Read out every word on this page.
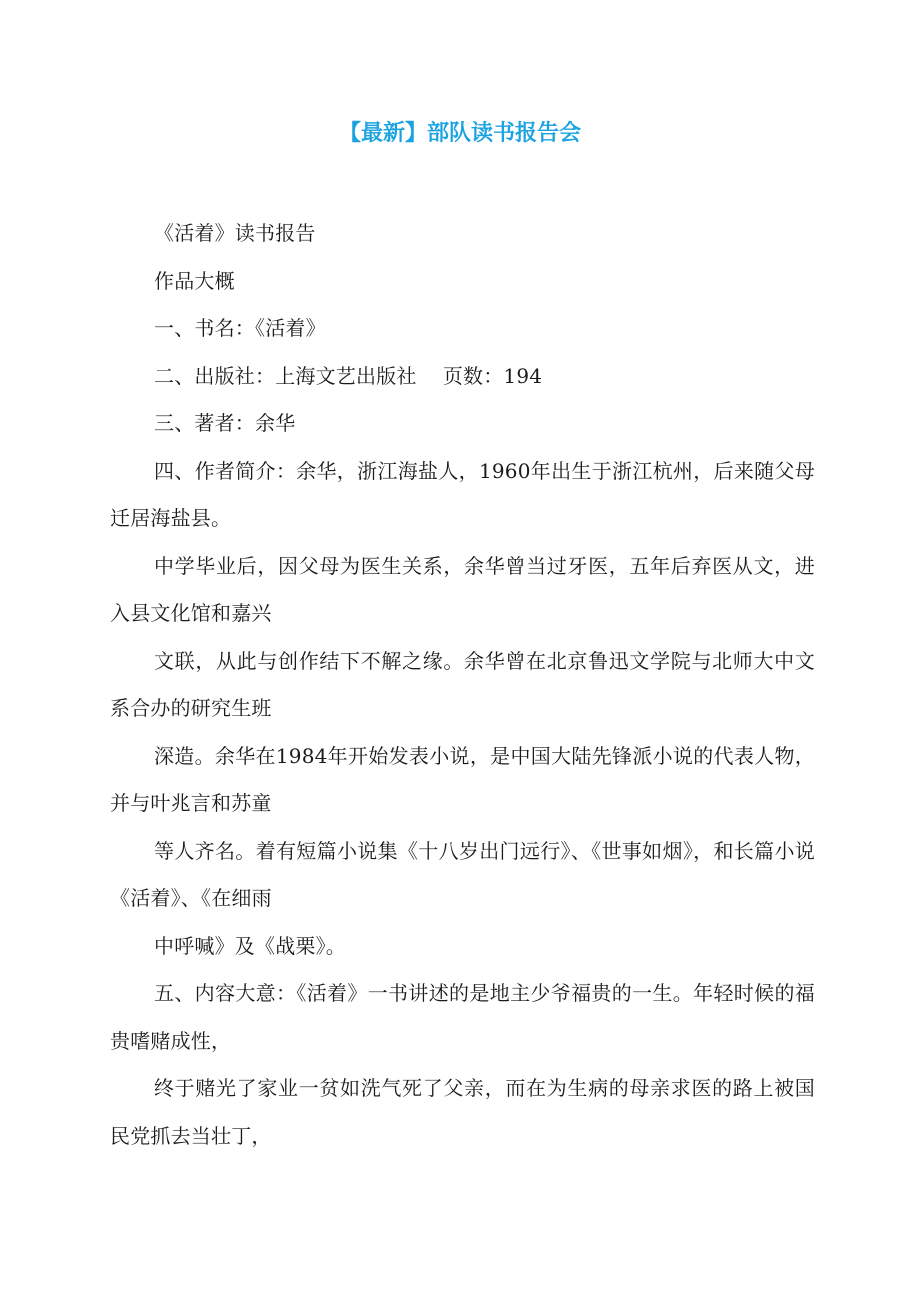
【最新】部队读书报告会

《活着》读书报告

作品大概

一、书名：《活着》

二、出版社：上海文艺出版社    页数：194

三、著者：余华

四、作者简介：余华，浙江海盐人，1960年出生于浙江杭州，后来随父母迁居海盐县。

中学毕业后，因父母为医生关系，余华曾当过牙医，五年后弃医从文，进入县文化馆和嘉兴

文联，从此与创作结下不解之缘。余华曾在北京鲁迅文学院与北师大中文系合办的研究生班

深造。余华在1984年开始发表小说，是中国大陆先锋派小说的代表人物，并与叶兆言和苏童

等人齐名。着有短篇小说集《十八岁出门远行》、《世事如烟》，和长篇小说《活着》、《在细雨

中呼喊》及《战栗》。

五、内容大意：《活着》一书讲述的是地主少爷福贵的一生。年轻时候的福贵嗜赌成性，

终于赌光了家业一贫如洗气死了父亲，而在为生病的母亲求医的路上被国民党抓去当壮丁，
